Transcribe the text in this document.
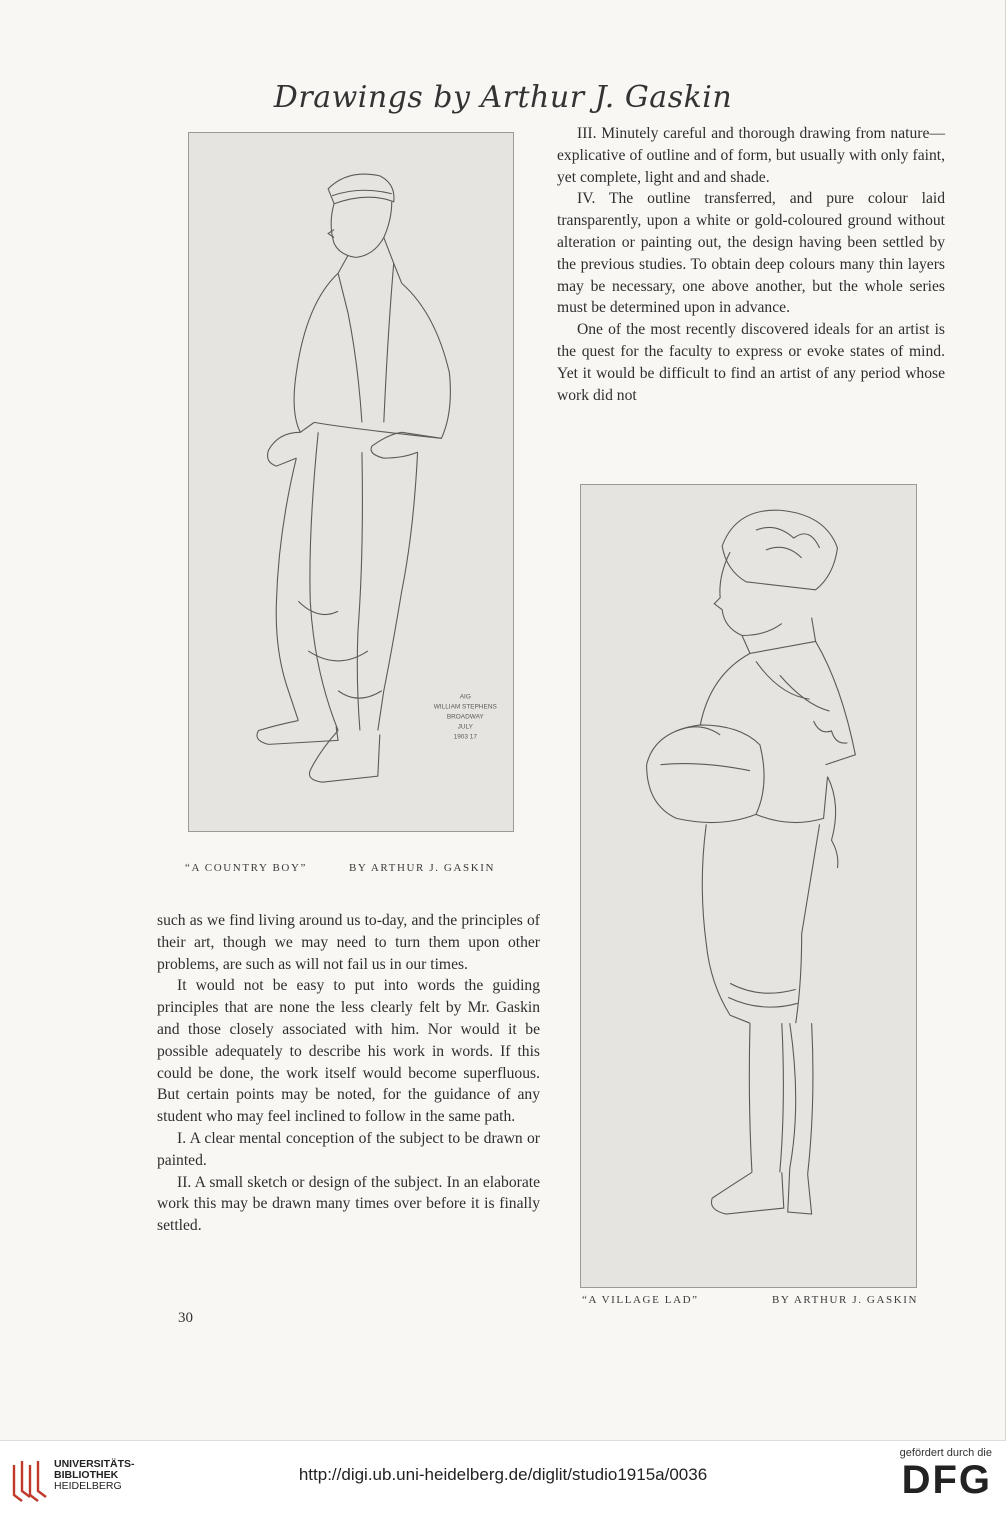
Drawings by Arthur J. Gaskin
AIG
WILLIAM STEPHENS
BROADWAY
JULY
1903 17
“A COUNTRY BOY”	BY ARTHUR J. GASKIN
“A VILLAGE LAD”	BY ARTHUR J. GASKIN

III. Minutely careful and thorough drawing from nature—explicative of outline and of form, but usually with only faint, yet complete, light and and shade.

IV. The outline transferred, and pure colour laid transparently, upon a white or gold-coloured ground without alteration or painting out, the design having been settled by the previous studies. To obtain deep colours many thin layers may be necessary, one above another, but the whole series must be determined upon in advance.

One of the most recently discovered ideals for an artist is the quest for the faculty to express or evoke states of mind. Yet it would be difficult to find an artist of any period whose work did not

such as we find living around us to-day, and the principles of their art, though we may need to turn them upon other problems, are such as will not fail us in our times.

It would not be easy to put into words the guiding principles that are none the less clearly felt by Mr. Gaskin and those closely associated with him. Nor would it be possible adequately to describe his work in words. If this could be done, the work itself would become superfluous. But certain points may be noted, for the guidance of any student who may feel inclined to follow in the same path.

I. A clear mental conception of the subject to be drawn or painted.

II. A small sketch or design of the subject. In an elaborate work this may be drawn many times over before it is finally settled.

30
UNIVERSITÄTS-
BIBLIOTHEK
HEIDELBERG
http://digi.ub.uni-heidelberg.de/diglit/studio1915a/0036
gefördert durch die
DFG
